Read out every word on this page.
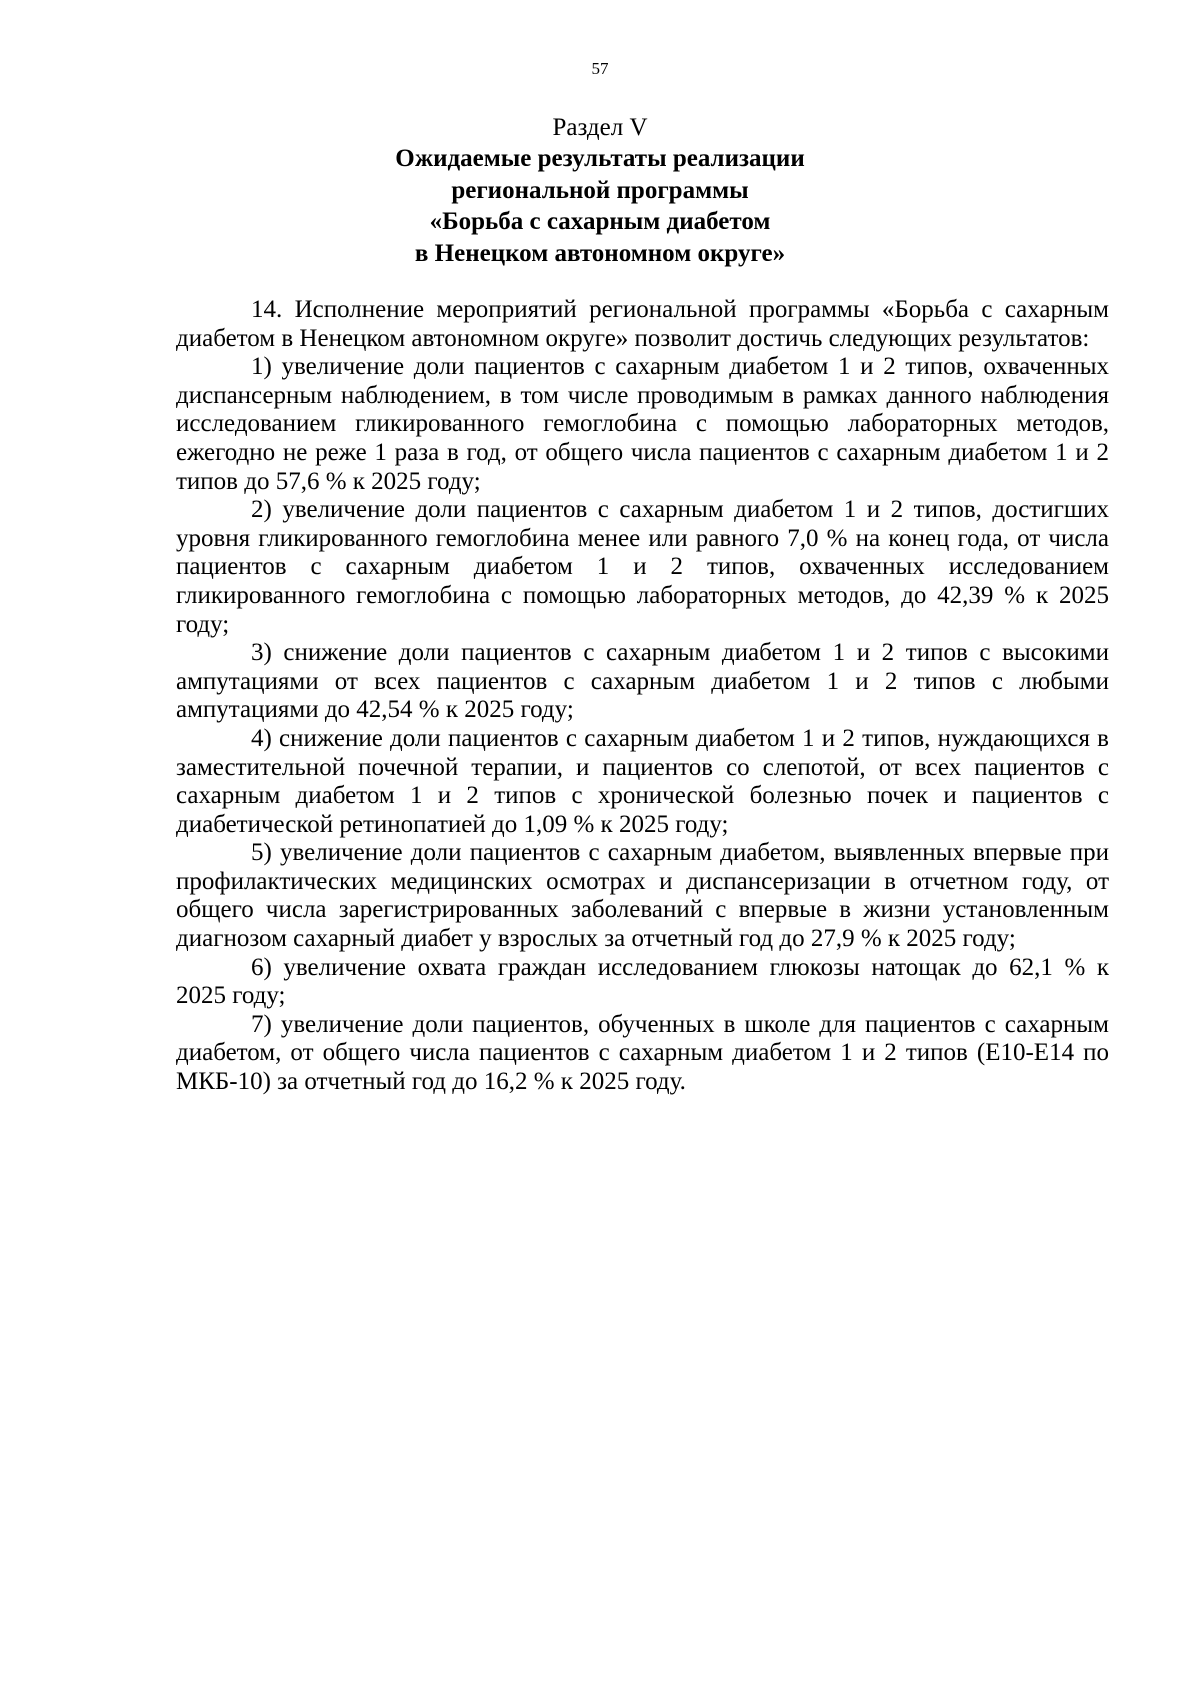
57
Раздел V
Ожидаемые результаты реализации
региональной программы
«Борьба с сахарным диабетом
в Ненецком автономном округе»

14. Исполнение мероприятий региональной программы «Борьба с сахарным диабетом в Ненецком автономном округе» позволит достичь следующих результатов:

1) увеличение доли пациентов с сахарным диабетом 1 и 2 типов, охваченных диспансерным наблюдением, в том числе проводимым в рамках данного наблюдения исследованием гликированного гемоглобина с помощью лабораторных методов, ежегодно не реже 1 раза в год, от общего числа пациентов с сахарным диабетом 1 и 2 типов до 57,6 % к 2025 году;

2) увеличение доли пациентов с сахарным диабетом 1 и 2 типов, достигших уровня гликированного гемоглобина менее или равного 7,0 % на конец года, от числа пациентов с сахарным диабетом 1 и 2 типов, охваченных исследованием гликированного гемоглобина с помощью лабораторных методов, до 42,39 % к 2025 году;

3) снижение доли пациентов с сахарным диабетом 1 и 2 типов с высокими ампутациями от всех пациентов с сахарным диабетом 1 и 2 типов с любыми ампутациями до 42,54 % к 2025 году;

4) снижение доли пациентов с сахарным диабетом 1 и 2 типов, нуждающихся в заместительной почечной терапии, и пациентов со слепотой, от всех пациентов с сахарным диабетом 1 и 2 типов с хронической болезнью почек и пациентов с диабетической ретинопатией до 1,09 % к 2025 году;

5) увеличение доли пациентов с сахарным диабетом, выявленных впервые при профилактических медицинских осмотрах и диспансеризации в отчетном году, от общего числа зарегистрированных заболеваний с впервые в жизни установленным диагнозом сахарный диабет у взрослых за отчетный год до 27,9 % к 2025 году;

6) увеличение охвата граждан исследованием глюкозы натощак до 62,1 % к 2025 году;

7) увеличение доли пациентов, обученных в школе для пациентов с сахарным диабетом, от общего числа пациентов с сахарным диабетом 1 и 2 типов (Е10-Е14 по МКБ-10) за отчетный год до 16,2 % к 2025 году.
